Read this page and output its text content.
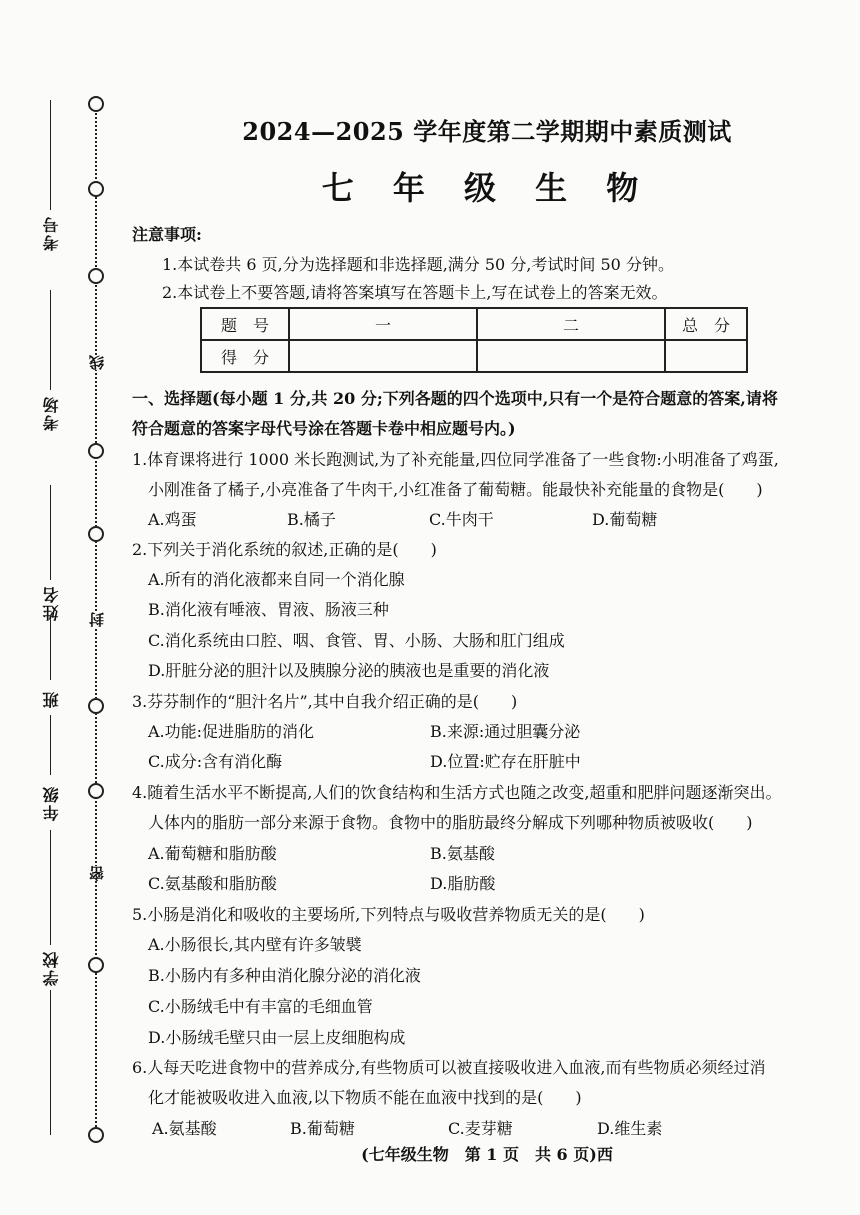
考号
考场
姓名
班
年级
学校
线
封
密
2024—2025 学年度第二学期期中素质测试
七 年 级 生 物
注意事项:
1.本试卷共 6 页,分为选择题和非选择题,满分 50 分,考试时间 50 分钟。
2.本试卷上不要答题,请将答案填写在答题卡上,写在试卷上的答案无效。
题　号	一	二	总　分
得　分			
一、选择题(每小题 1 分,共 20 分;下列各题的四个选项中,只有一个是符合题意的答案,请将
符合题意的答案字母代号涂在答题卡卷中相应题号内。)
1.体育课将进行 1000 米长跑测试,为了补充能量,四位同学准备了一些食物:小明准备了鸡蛋,
小刚准备了橘子,小亮准备了牛肉干,小红准备了葡萄糖。能最快补充能量的食物是(　　)
A.鸡蛋	B.橘子	C.牛肉干	D.葡萄糖
2.下列关于消化系统的叙述,正确的是(　　)
A.所有的消化液都来自同一个消化腺
B.消化液有唾液、胃液、肠液三种
C.消化系统由口腔、咽、食管、胃、小肠、大肠和肛门组成
D.肝脏分泌的胆汁以及胰腺分泌的胰液也是重要的消化液
3.芬芬制作的“胆汁名片”,其中自我介绍正确的是(　　)
A.功能:促进脂肪的消化	B.来源:通过胆囊分泌
C.成分:含有消化酶	D.位置:贮存在肝脏中
4.随着生活水平不断提高,人们的饮食结构和生活方式也随之改变,超重和肥胖问题逐渐突出。
人体内的脂肪一部分来源于食物。食物中的脂肪最终分解成下列哪种物质被吸收(　　)
A.葡萄糖和脂肪酸	B.氨基酸
C.氨基酸和脂肪酸	D.脂肪酸
5.小肠是消化和吸收的主要场所,下列特点与吸收营养物质无关的是(　　)
A.小肠很长,其内壁有许多皱襞
B.小肠内有多种由消化腺分泌的消化液
C.小肠绒毛中有丰富的毛细血管
D.小肠绒毛壁只由一层上皮细胞构成
6.人每天吃进食物中的营养成分,有些物质可以被直接吸收进入血液,而有些物质必须经过消
化才能被吸收进入血液,以下物质不能在血液中找到的是(　　)
A.氨基酸	B.葡萄糖	C.麦芽糖	D.维生素
(七年级生物　第 1 页　共 6 页)西
